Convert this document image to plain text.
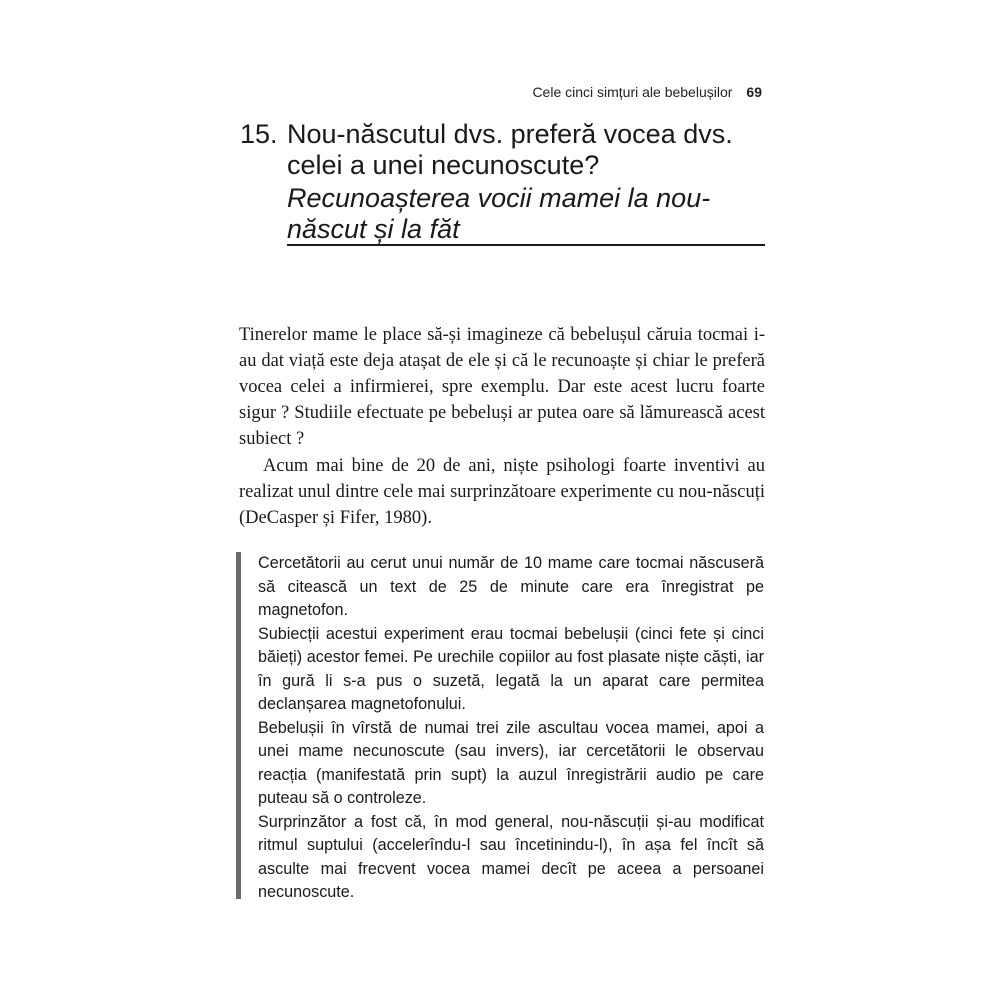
Cele cinci simțuri ale bebelușilor 69
15. Nou-născutul dvs. preferă vocea dvs. celei a unei necunoscute?
Recunoașterea vocii mamei la nou-născut și la făt

Tinerelor mame le place să-și imagineze că bebelușul căruia tocmai i-au dat viață este deja atașat de ele și că le recunoaște și chiar le preferă vocea celei a infirmierei, spre exemplu. Dar este acest lucru foarte sigur ? Studiile efectuate pe bebeluși ar putea oare să lămurească acest subiect ?

Acum mai bine de 20 de ani, niște psihologi foarte inventivi au realizat unul dintre cele mai surprinzătoare experimente cu nou-născuți (DeCasper și Fifer, 1980).

Cercetătorii au cerut unui număr de 10 mame care tocmai născuseră să citească un text de 25 de minute care era înregistrat pe magnetofon.

Subiecții acestui experiment erau tocmai bebelușii (cinci fete și cinci băieți) acestor femei. Pe urechile copiilor au fost plasate niște căști, iar în gură li s-a pus o suzetă, legată la un aparat care permitea declanșarea magnetofonului.

Bebelușii în vîrstă de numai trei zile ascultau vocea mamei, apoi a unei mame necunoscute (sau invers), iar cercetătorii le observau reacția (manifestată prin supt) la auzul înregistrării audio pe care puteau să o controleze.

Surprinzător a fost că, în mod general, nou-născuții și-au modificat ritmul suptului (accelerîndu-l sau încetinindu-l), în așa fel încît să asculte mai frecvent vocea mamei decît pe aceea a persoanei necunoscute.
